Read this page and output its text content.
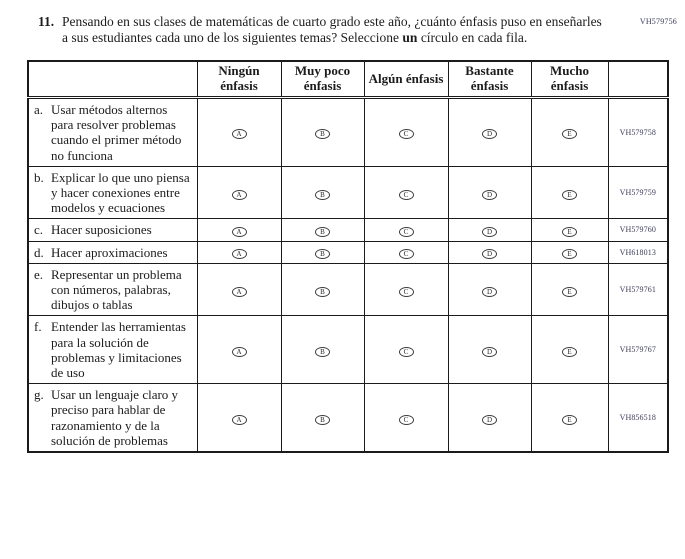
VH579756
11. Pensando en sus clases de matemáticas de cuarto grado este año, ¿cuánto énfasis puso en enseñarles a sus estudiantes cada uno de los siguientes temas? Seleccione un círculo en cada fila.

	Ningún énfasis	Muy poco énfasis	Algún énfasis	Bastante énfasis	Mucho énfasis	

a. Usar métodos alternos para resolver problemas cuando el primer método no funciona	A	B	C	D	E	VH579758

b. Explicar lo que uno piensa y hacer conexiones entre modelos y ecuaciones	A	B	C	D	E	VH579759

c. Hacer suposiciones	A	B	C	D	E	VH579760

d. Hacer aproximaciones	A	B	C	D	E	VH618013

e. Representar un problema con números, palabras, dibujos o tablas	A	B	C	D	E	VH579761

f. Entender las herramientas para la solución de problemas y limitaciones de uso	A	B	C	D	E	VH579767

g. Usar un lenguaje claro y preciso para hablar de razonamiento y de la solución de problemas	A	B	C	D	E	VH856518
